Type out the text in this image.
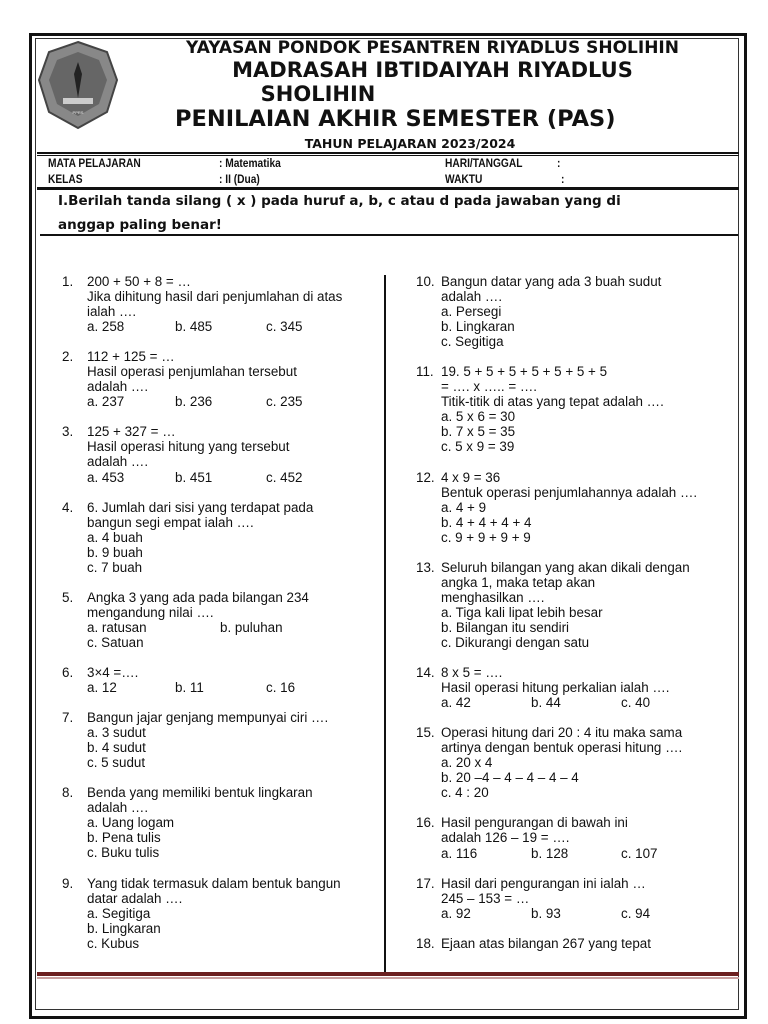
PPRS
YAYASAN PONDOK PESANTREN RIYADLUS SHOLIHIN
MADRASAH IBTIDAIYAH RIYADLUS
SHOLIHIN
PENILAIAN AKHIR SEMESTER (PAS)
TAHUN PELAJARAN 2023/2024
MATA PELAJARAN	: Matematika	HARI/TANGGAL	:
KELAS	: II (Dua)	WAKTU	:
I.Berilah tanda silang ( x ) pada huruf a, b, c atau d pada jawaban yang di
anggap paling benar!
1. 200 + 50 + 8 = …
Jika dihitung hasil dari penjumlahan di atas
ialah ….
a. 258	b. 485	c. 345
2. 112 + 125 = …
Hasil operasi penjumlahan tersebut
adalah ….
a. 237	b. 236	c. 235
3. 125 + 327 = …
Hasil operasi hitung yang tersebut
adalah ….
a. 453	b. 451	c. 452
4. 6. Jumlah dari sisi yang terdapat pada
bangun segi empat ialah ….
a. 4 buah
b. 9 buah
c. 7 buah
5. Angka 3 yang ada pada bilangan 234
mengandung nilai ….
a. ratusan	b. puluhan
c. Satuan
6. 3×4 =….
a. 12	b. 11	c. 16
7. Bangun jajar genjang mempunyai ciri ….
a. 3 sudut
b. 4 sudut
c. 5 sudut
8. Benda yang memiliki bentuk lingkaran
adalah ….
a. Uang logam
b. Pena tulis
c. Buku tulis
9. Yang tidak termasuk dalam bentuk bangun
datar adalah ….
a. Segitiga
b. Lingkaran
c. Kubus
10. Bangun datar yang ada 3 buah sudut
adalah ….
a. Persegi
b. Lingkaran
c. Segitiga
11. 19. 5 + 5 + 5 + 5 + 5 + 5 + 5
= …. x ….. = ….
Titik-titik di atas yang tepat adalah ….
a. 5 x 6 = 30
b. 7 x 5 = 35
c. 5 x 9 = 39
12. 4 x 9 = 36
Bentuk operasi penjumlahannya adalah ….
a. 4 + 9
b. 4 + 4 + 4 + 4
c. 9 + 9 + 9 + 9
13. Seluruh bilangan yang akan dikali dengan
angka 1, maka tetap akan
menghasilkan ….
a. Tiga kali lipat lebih besar
b. Bilangan itu sendiri
c. Dikurangi dengan satu
14. 8 x 5 = ….
Hasil operasi hitung perkalian ialah ….
a. 42	b. 44	c. 40
15. Operasi hitung dari 20 : 4 itu maka sama
artinya dengan bentuk operasi hitung ….
a. 20 x 4
b. 20 –4 – 4 – 4 – 4 – 4
c. 4 : 20
16. Hasil pengurangan di bawah ini
adalah 126 – 19 = ….
a. 116	b. 128	c. 107
17. Hasil dari pengurangan ini ialah …
245 – 153 = …
a. 92	b. 93	c. 94
18. Ejaan atas bilangan 267 yang tepat
